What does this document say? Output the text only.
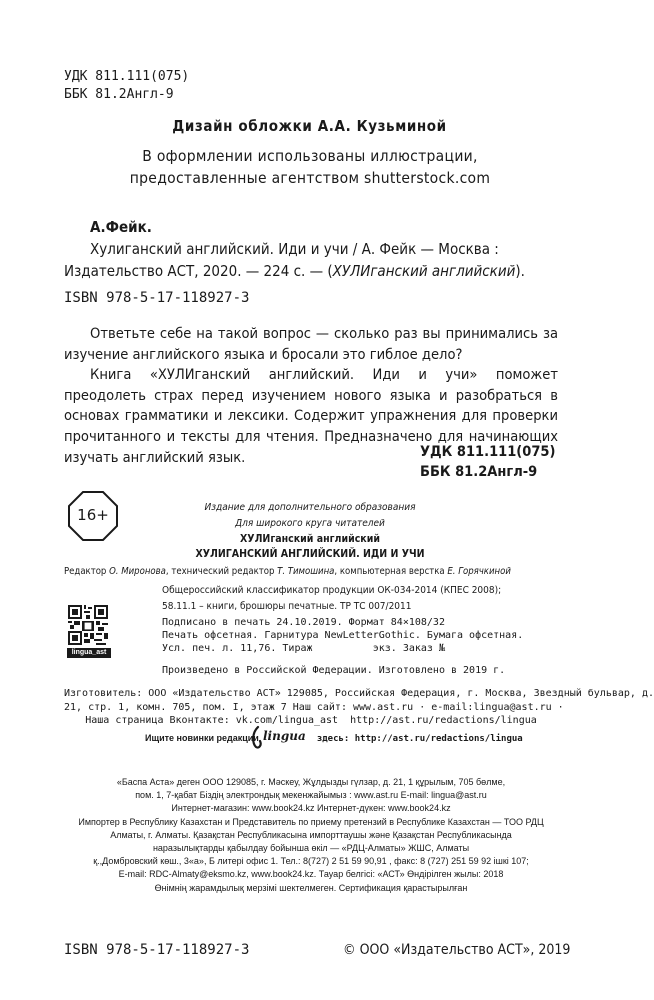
УДК 811.111(075)
ББК 81.2Англ-9
Дизайн обложки А.А. Кузьминой
В оформлении использованы иллюстрации,
предоставленные агентством shutterstock.com
А.Фейк.
Хулиганский английский. Иди и учи / А. Фейк — Москва :
Издательство АСТ, 2020. — 224 с. — (ХУЛИганский английский).
ISBN 978-5-17-118927-3
Ответьте себе на такой вопрос — сколько раз вы принимались за изучение английского языка и бросали это гиблое дело?
Книга «ХУЛИганский английский. Иди и учи» поможет преодолеть страх перед изучением нового языка и разобраться в основах грамматики и лексики. Содержит упражнения для проверки прочитанного и тексты для чтения. Предназначено для начинающих изучать английский язык.	УДК 811.111(075)
ББК 81.2Англ-9
16+	Издание для дополнительного образования
Для широкого круга читателей
ХУЛИганский английский
ХУЛИГАНСКИЙ АНГЛИЙСКИЙ. ИДИ И УЧИ
Редактор О. Миронова, технический редактор Т. Тимошина, компьютерная верстка Е. Горячкиной
Общероссийский классификатор продукции ОК-034-2014 (КПЕС 2008);
58.11.1 – книги, брошюры печатные. ТР ТС 007/2011
lingua_ast
Подписано в печать 24.10.2019. Формат 84×108/32
Печать офсетная. Гарнитура NewLetterGothic. Бумага офсетная.
Усл. печ. л. 11,76. Тираж          экз. Заказ №
Произведено в Российской Федерации. Изготовлено в 2019 г.
Изготовитель: ООО «Издательство АСТ» 129085, Российская Федерация, г. Москва, Звездный бульвар, д.
21, стр. 1, комн. 705, пом. I, этаж 7 Наш сайт: www.ast.ru · e-mail:lingua@ast.ru ·
Наша страница Вконтакте: vk.com/lingua_ast  http://ast.ru/redactions/lingua
Ищите новинки редакции	здесь: http://ast.ru/redactions/lingua
lingua
«Баспа Аста» деген ООО 129085, г. Мәскеу, Жұлдызды гүлзар, д. 21, 1 құрылым, 705 бөлме,
пом. 1, 7-қабат Біздің электрондық мекенжайымыз : www.ast.ru E-mail: lingua@ast.ru
Интернет-магазин: www.book24.kz Интернет-дүкен: www.book24.kz
Импортер в Республику Казахстан и Представитель по приему претензий в Республике Казахстан — ТОО РДЦ
Алматы, г. Алматы. Қазақстан Республикасына импорттаушы және Қазақстан Республикасында
наразылықтарды қабылдау бойынша өкіл — «РДЦ-Алматы» ЖШС, Алматы
қ.,Домбровский көш., 3«а», Б литерi офис 1. Тел.: 8(727) 2 51 59 90,91 , факс: 8 (727) 251 59 92 ішкі 107;
E-mail: RDC-Almaty@eksmo.kz, www.book24.kz. Тауар белгісі: «АСТ» Өндірілген жылы: 2018
Өнімнің жарамдылық мерзімі шектелмеген. Сертификация қарастырылған
ISBN 978-5-17-118927-3	© ООО «Издательство АСТ», 2019
